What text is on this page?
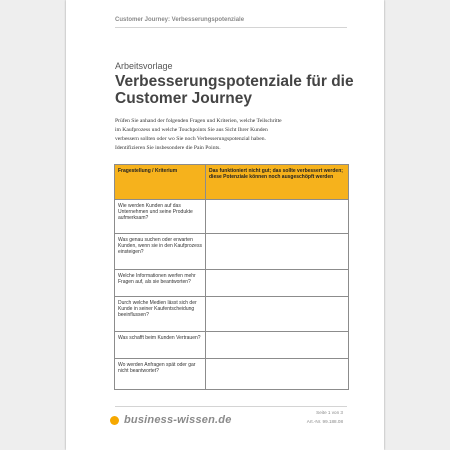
Customer Journey: Verbesserungspotenziale
Arbeitsvorlage
Verbesserungspotenziale für die Customer Journey
Prüfen Sie anhand der folgenden Fragen und Kriterien, welche Teilschritte
im Kaufprozess und welche Touchpoints Sie aus Sicht Ihrer Kunden
verbessern sollten oder wo Sie noch Verbesserungspotenzial haben.
Identifizieren Sie insbesondere die Pain Points.
Fragestellung / Kriterium	Das funktioniert nicht gut; das sollte verbessert werden; diese Potenziale können noch ausgeschöpft werden
Wie werden Kunden auf das Unternehmen und seine Produkte aufmerksam?	
Was genau suchen oder erwarten Kunden, wenn sie in den Kaufprozess einsteigen?	
Welche Informationen werfen mehr Fragen auf, als sie beantworten?	
Durch welche Medien lässt sich der Kunde in seiner Kaufentscheidung beeinflussen?	
Was schafft beim Kunden Vertrauen?	
Wo werden Anfragen spät oder gar nicht beantwortet?	
business-wissen.de
Seite 1 von 3
Art.-Nr. 99.188.08
